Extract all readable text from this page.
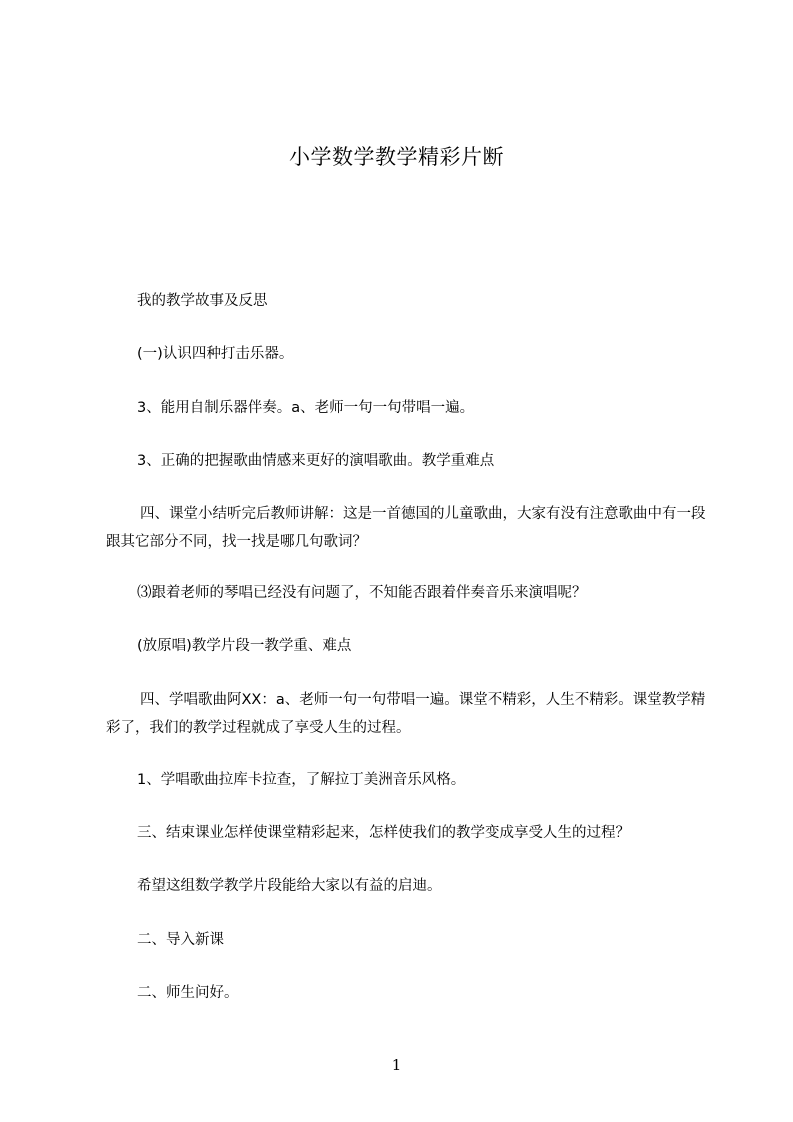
小学数学教学精彩片断
我的教学故事及反思
(一)认识四种打击乐器。
3、能用自制乐器伴奏。a、老师一句一句带唱一遍。
3、正确的把握歌曲情感来更好的演唱歌曲。教学重难点
四、课堂小结听完后教师讲解：这是一首德国的儿童歌曲，大家有没有注意歌曲中有一段跟其它部分不同，找一找是哪几句歌词？
⑶跟着老师的琴唱已经没有问题了，不知能否跟着伴奏音乐来演唱呢？
(放原唱)教学片段一教学重、难点
四、学唱歌曲阿XX：a、老师一句一句带唱一遍。课堂不精彩，人生不精彩。课堂教学精彩了，我们的教学过程就成了享受人生的过程。
1、学唱歌曲拉库卡拉查，了解拉丁美洲音乐风格。
三、结束课业怎样使课堂精彩起来，怎样使我们的教学变成享受人生的过程？
希望这组数学教学片段能给大家以有益的启迪。
二、导入新课
二、师生问好。
1
